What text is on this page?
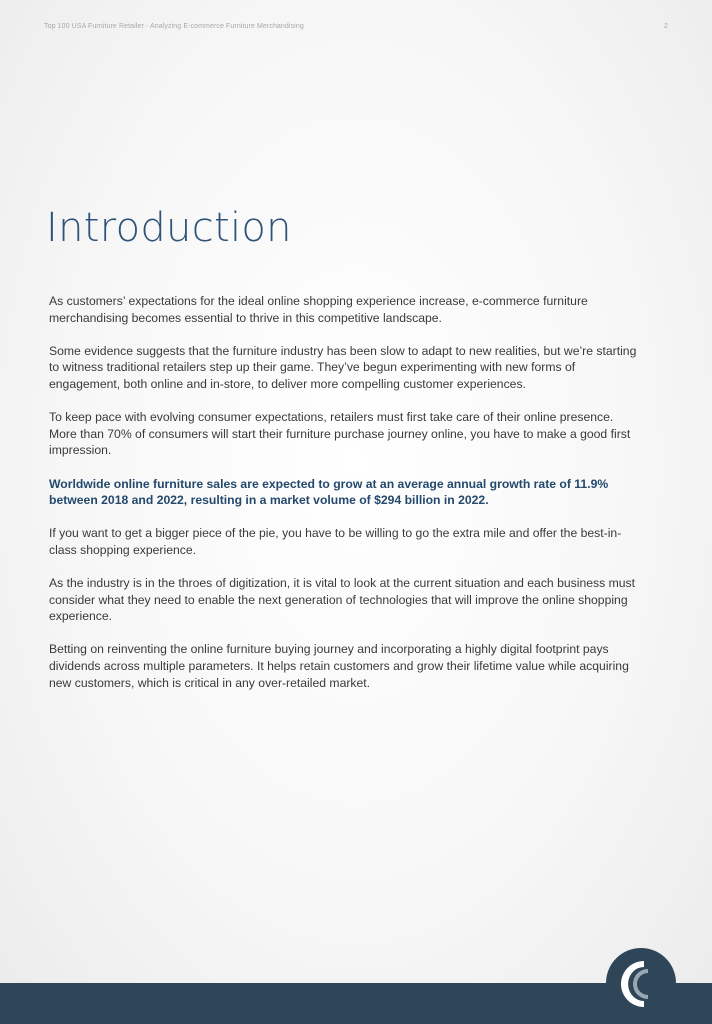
Top 100 USA Furniture Retailer · Analyzing E-commerce Furniture Merchandising	2
Introduction

As customers’ expectations for the ideal online shopping experience increase, e-commerce furniture merchandising becomes essential to thrive in this competitive landscape.

Some evidence suggests that the furniture industry has been slow to adapt to new realities, but we’re starting to witness traditional retailers step up their game. They’ve begun experimenting with new forms of engagement, both online and in-store, to deliver more compelling customer experiences.

To keep pace with evolving consumer expectations, retailers must first take care of their online presence. More than 70% of consumers will start their furniture purchase journey online, you have to make a good first impression.

Worldwide online furniture sales are expected to grow at an average annual growth rate of 11.9% between 2018 and 2022, resulting in a market volume of $294 billion in 2022.

If you want to get a bigger piece of the pie, you have to be willing to go the extra mile and offer the best-in-class shopping experience.

As the industry is in the throes of digitization, it is vital to look at the current situation and each business must consider what they need to enable the next generation of technologies that will improve the online shopping experience.

Betting on reinventing the online furniture buying journey and incorporating a highly digital footprint pays dividends across multiple parameters. It helps retain customers and grow their lifetime value while acquiring new customers, which is critical in any over-retailed market.
